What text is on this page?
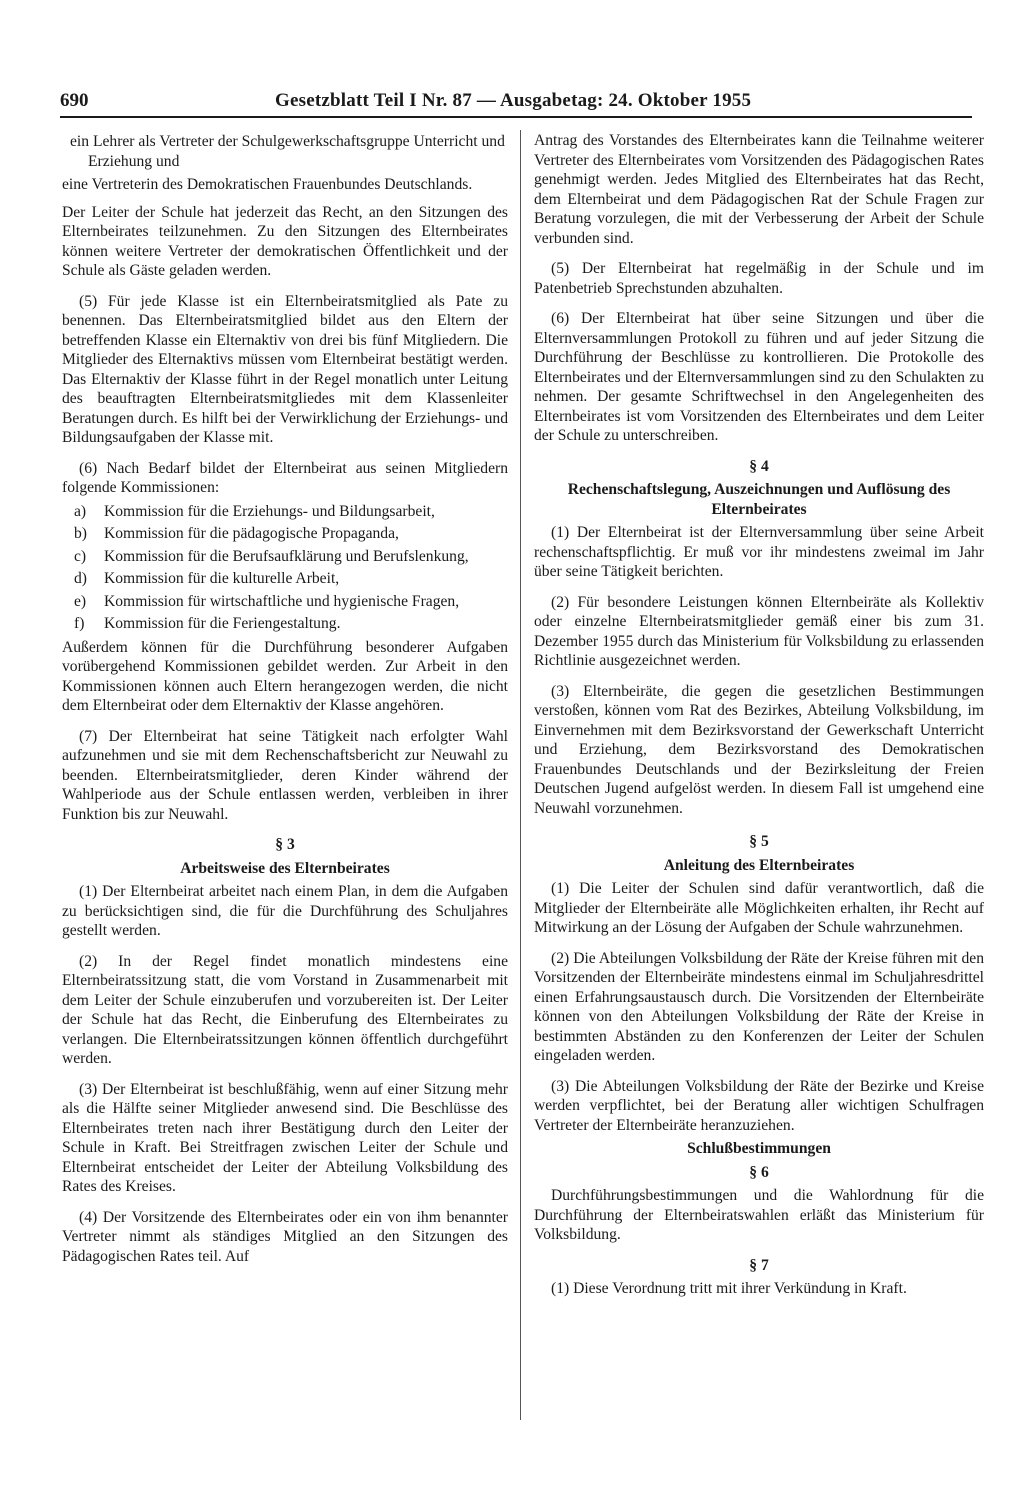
690	Gesetzblatt Teil I Nr. 87 — Ausgabetag: 24. Oktober 1955
ein Lehrer als Vertreter der Schulgewerkschaftsgruppe Unterricht und Erziehung und
eine Vertreterin des Demokratischen Frauenbundes Deutschlands.

Der Leiter der Schule hat jederzeit das Recht, an den Sitzungen des Elternbeirates teilzunehmen. Zu den Sitzungen des Elternbeirates können weitere Vertreter der demokratischen Öffentlichkeit und der Schule als Gäste geladen werden.

(5) Für jede Klasse ist ein Elternbeiratsmitglied als Pate zu benennen. Das Elternbeiratsmitglied bildet aus den Eltern der betreffenden Klasse ein Elternaktiv von drei bis fünf Mitgliedern. Die Mitglieder des Elternaktivs müssen vom Elternbeirat bestätigt werden. Das Elternaktiv der Klasse führt in der Regel monatlich unter Leitung des beauftragten Elternbeiratsmitgliedes mit dem Klassenleiter Beratungen durch. Es hilft bei der Verwirklichung der Erziehungs- und Bildungsaufgaben der Klasse mit.

(6) Nach Bedarf bildet der Elternbeirat aus seinen Mitgliedern folgende Kommissionen:

a) Kommission für die Erziehungs- und Bildungsarbeit,
b) Kommission für die pädagogische Propaganda,
c) Kommission für die Berufsaufklärung und Berufslenkung,
d) Kommission für die kulturelle Arbeit,
e) Kommission für wirtschaftliche und hygienische Fragen,
f) Kommission für die Feriengestaltung.

Außerdem können für die Durchführung besonderer Aufgaben vorübergehend Kommissionen gebildet werden. Zur Arbeit in den Kommissionen können auch Eltern herangezogen werden, die nicht dem Elternbeirat oder dem Elternaktiv der Klasse angehören.

(7) Der Elternbeirat hat seine Tätigkeit nach erfolgter Wahl aufzunehmen und sie mit dem Rechenschaftsbericht zur Neuwahl zu beenden. Elternbeiratsmitglieder, deren Kinder während der Wahlperiode aus der Schule entlassen werden, verbleiben in ihrer Funktion bis zur Neuwahl.

§ 3
Arbeitsweise des Elternbeirates

(1) Der Elternbeirat arbeitet nach einem Plan, in dem die Aufgaben zu berücksichtigen sind, die für die Durchführung des Schuljahres gestellt werden.

(2) In der Regel findet monatlich mindestens eine Elternbeiratssitzung statt, die vom Vorstand in Zusammenarbeit mit dem Leiter der Schule einzuberufen und vorzubereiten ist. Der Leiter der Schule hat das Recht, die Einberufung des Elternbeirates zu verlangen. Die Elternbeiratssitzungen können öffentlich durchgeführt werden.

(3) Der Elternbeirat ist beschlußfähig, wenn auf einer Sitzung mehr als die Hälfte seiner Mitglieder anwesend sind. Die Beschlüsse des Elternbeirates treten nach ihrer Bestätigung durch den Leiter der Schule in Kraft. Bei Streitfragen zwischen Leiter der Schule und Elternbeirat entscheidet der Leiter der Abteilung Volksbildung des Rates des Kreises.

(4) Der Vorsitzende des Elternbeirates oder ein von ihm benannter Vertreter nimmt als ständiges Mitglied an den Sitzungen des Pädagogischen Rates teil. Auf

Antrag des Vorstandes des Elternbeirates kann die Teilnahme weiterer Vertreter des Elternbeirates vom Vorsitzenden des Pädagogischen Rates genehmigt werden. Jedes Mitglied des Elternbeirates hat das Recht, dem Elternbeirat und dem Pädagogischen Rat der Schule Fragen zur Beratung vorzulegen, die mit der Verbesserung der Arbeit der Schule verbunden sind.

(5) Der Elternbeirat hat regelmäßig in der Schule und im Patenbetrieb Sprechstunden abzuhalten.

(6) Der Elternbeirat hat über seine Sitzungen und über die Elternversammlungen Protokoll zu führen und auf jeder Sitzung die Durchführung der Beschlüsse zu kontrollieren. Die Protokolle des Elternbeirates und der Elternversammlungen sind zu den Schulakten zu nehmen. Der gesamte Schriftwechsel in den Angelegenheiten des Elternbeirates ist vom Vorsitzenden des Elternbeirates und dem Leiter der Schule zu unterschreiben.

§ 4
Rechenschaftslegung, Auszeichnungen und Auflösung des Elternbeirates

(1) Der Elternbeirat ist der Elternversammlung über seine Arbeit rechenschaftspflichtig. Er muß vor ihr mindestens zweimal im Jahr über seine Tätigkeit berichten.

(2) Für besondere Leistungen können Elternbeiräte als Kollektiv oder einzelne Elternbeiratsmitglieder gemäß einer bis zum 31. Dezember 1955 durch das Ministerium für Volksbildung zu erlassenden Richtlinie ausgezeichnet werden.

(3) Elternbeiräte, die gegen die gesetzlichen Bestimmungen verstoßen, können vom Rat des Bezirkes, Abteilung Volksbildung, im Einvernehmen mit dem Bezirksvorstand der Gewerkschaft Unterricht und Erziehung, dem Bezirksvorstand des Demokratischen Frauenbundes Deutschlands und der Bezirksleitung der Freien Deutschen Jugend aufgelöst werden. In diesem Fall ist umgehend eine Neuwahl vorzunehmen.

§ 5
Anleitung des Elternbeirates

(1) Die Leiter der Schulen sind dafür verantwortlich, daß die Mitglieder der Elternbeiräte alle Möglichkeiten erhalten, ihr Recht auf Mitwirkung an der Lösung der Aufgaben der Schule wahrzunehmen.

(2) Die Abteilungen Volksbildung der Räte der Kreise führen mit den Vorsitzenden der Elternbeiräte mindestens einmal im Schuljahresdrittel einen Erfahrungsaustausch durch. Die Vorsitzenden der Elternbeiräte können von den Abteilungen Volksbildung der Räte der Kreise in bestimmten Abständen zu den Konferenzen der Leiter der Schulen eingeladen werden.

(3) Die Abteilungen Volksbildung der Räte der Bezirke und Kreise werden verpflichtet, bei der Beratung aller wichtigen Schulfragen Vertreter der Elternbeiräte heranzuziehen.

Schlußbestimmungen
§ 6

Durchführungsbestimmungen und die Wahlordnung für die Durchführung der Elternbeiratswahlen erläßt das Ministerium für Volksbildung.

§ 7

(1) Diese Verordnung tritt mit ihrer Verkündung in Kraft.
